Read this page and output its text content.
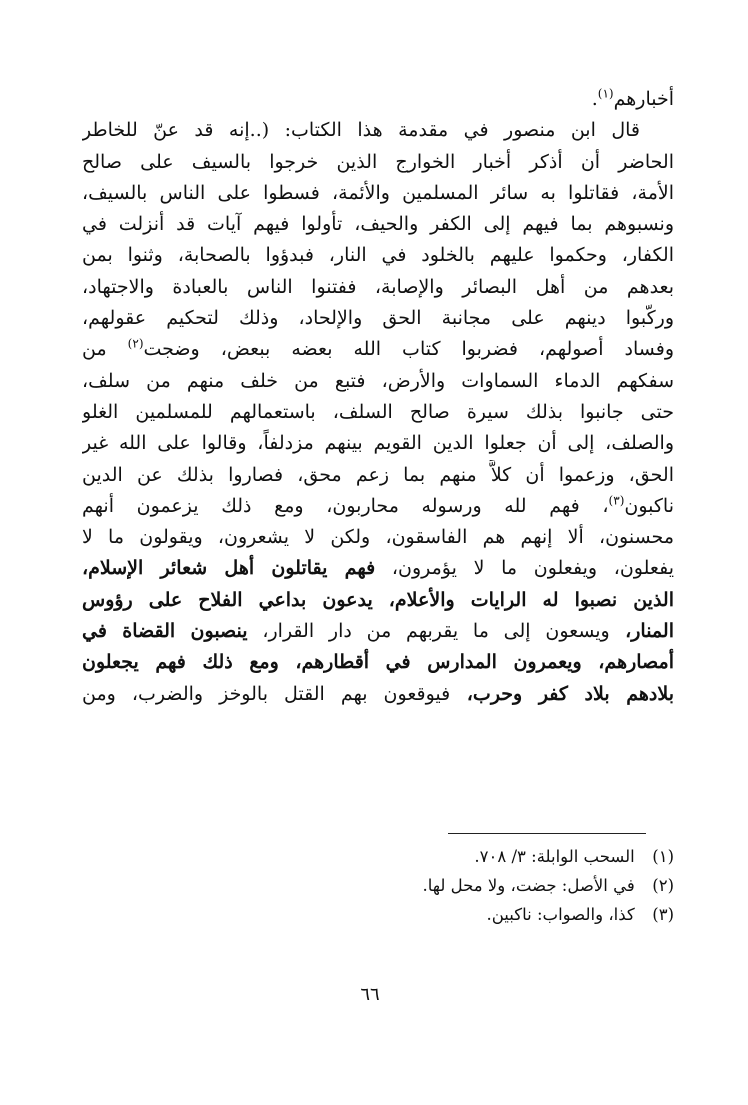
أخبارهم$^{(١)}$.
قال ابن منصور في مقدمة هذا الكتاب: (..إنه قد عنّ للخاطر
الحاضر أن أذكر أخبار الخوارج الذين خرجوا بالسيف على صالح
الأمة، فقاتلوا به سائر المسلمين والأئمة، فسطوا على الناس بالسيف،
ونسبوهم بما فيهم إلى الكفر والحيف، تأولوا فيهم آيات قد أنزلت في
الكفار، وحكموا عليهم بالخلود في النار، فبدؤوا بالصحابة، وثنوا بمن
بعدهم من أهل البصائر والإصابة، ففتنوا الناس بالعبادة والاجتهاد،
وركّبوا دينهم على مجانبة الحق والإلحاد، وذلك لتحكيم عقولهم،
وفساد أصولهم، فضربوا كتاب الله بعضه ببعض، وضجت$^{(٢)}$ من
سفكهم الدماء السماوات والأرض، فتبع من خلف منهم من سلف،
حتى جانبوا بذلك سيرة صالح السلف، باستعمالهم للمسلمين الغلو
والصلف، إلى أن جعلوا الدين القويم بينهم مزدلفاً، وقالوا على الله غير
الحق، وزعموا أن كلاًّ منهم بما زعم محق، فصاروا بذلك عن الدين
ناكبون$^{(٣)}$، فهم لله ورسوله محاربون، ومع ذلك يزعمون أنهم
محسنون، ألا إنهم هم الفاسقون، ولكن لا يشعرون، ويقولون ما لا
يفعلون، ويفعلون ما لا يؤمرون، فهم يقاتلون أهل شعائر الإسلام،
الذين نصبوا له الرايات والأعلام، يدعون بداعي الفلاح على رؤوس
المنار، ويسعون إلى ما يقربهم من دار القرار، ينصبون القضاة في
أمصارهم، ويعمرون المدارس في أقطارهم، ومع ذلك فهم يجعلون
بلادهم بلاد كفر وحرب، فيوقعون بهم القتل بالوخز والضرب، ومن
(١) السحب الوابلة: ٣/ ٧٠٨.
(٢) في الأصل: جضت، ولا محل لها.
(٣) كذا، والصواب: ناكبين.
٦٦
